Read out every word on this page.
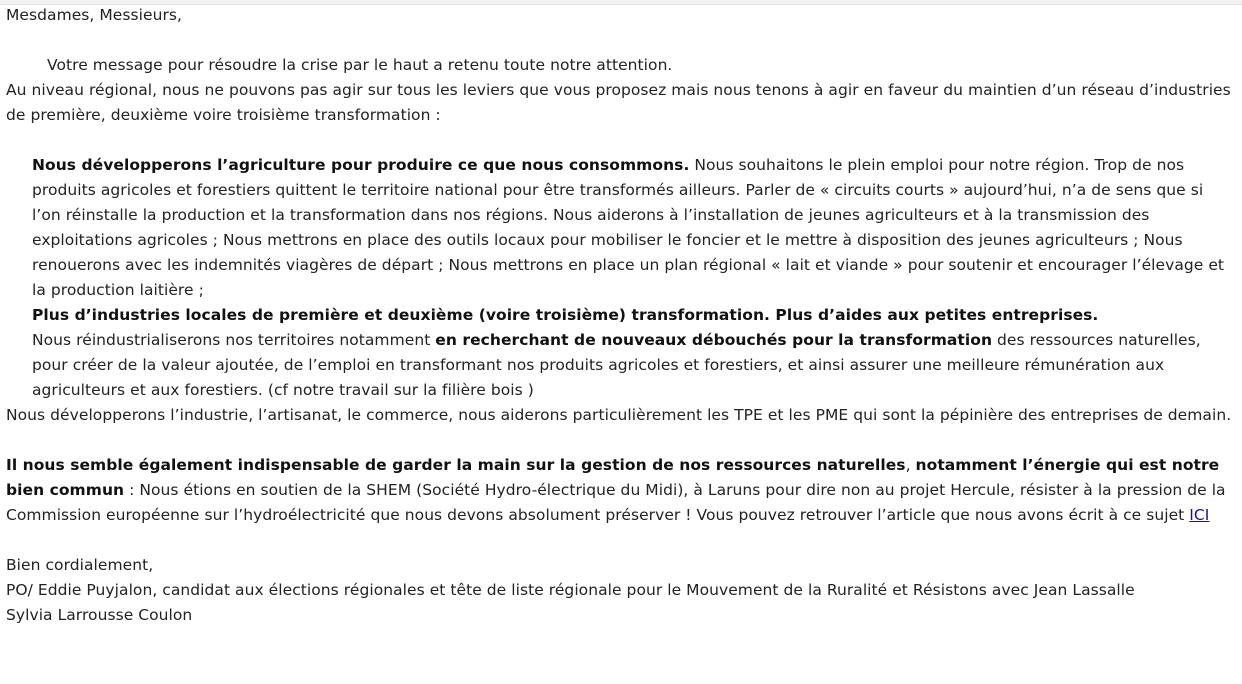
Mesdames, Messieurs,

Votre message pour résoudre la crise par le haut a retenu toute notre attention.

Au niveau régional, nous ne pouvons pas agir sur tous les leviers que vous proposez mais nous tenons à agir en faveur du maintien d’un réseau d’industries de première, deuxième voire troisième transformation :

Nous développerons l’agriculture pour produire ce que nous consommons. Nous souhaitons le plein emploi pour notre région. Trop de nos produits agricoles et forestiers quittent le territoire national pour être transformés ailleurs. Parler de « circuits courts » aujourd’hui, n’a de sens que si l’on réinstalle la production et la transformation dans nos régions. Nous aiderons à l’installation de jeunes agriculteurs et à la transmission des exploitations agricoles ; Nous mettrons en place des outils locaux pour mobiliser le foncier et le mettre à disposition des jeunes agriculteurs ; Nous renouerons avec les indemnités viagères de départ ; Nous mettrons en place un plan régional « lait et viande » pour soutenir et encourager l’élevage et la production laitière ;

Plus d’industries locales de première et deuxième (voire troisième) transformation. Plus d’aides aux petites entreprises.

Nous réindustrialiserons nos territoires notamment en recherchant de nouveaux débouchés pour la transformation des ressources naturelles, pour créer de la valeur ajoutée, de l’emploi en transformant nos produits agricoles et forestiers, et ainsi assurer une meilleure rémunération aux agriculteurs et aux forestiers. (cf notre travail sur la filière bois )

Nous développerons l’industrie, l’artisanat, le commerce, nous aiderons particulièrement les TPE et les PME qui sont la pépinière des entreprises de demain.

Il nous semble également indispensable de garder la main sur la gestion de nos ressources naturelles, notamment l’énergie qui est notre bien commun : Nous étions en soutien de la SHEM (Société Hydro-électrique du Midi), à Laruns pour dire non au projet Hercule, résister à la pression de la Commission européenne sur l’hydroélectricité que nous devons absolument préserver ! Vous pouvez retrouver l’article que nous avons écrit à ce sujet ICI

Bien cordialement,

PO/ Eddie Puyjalon, candidat aux élections régionales et tête de liste régionale pour le Mouvement de la Ruralité et Résistons avec Jean Lassalle

Sylvia Larrousse Coulon
